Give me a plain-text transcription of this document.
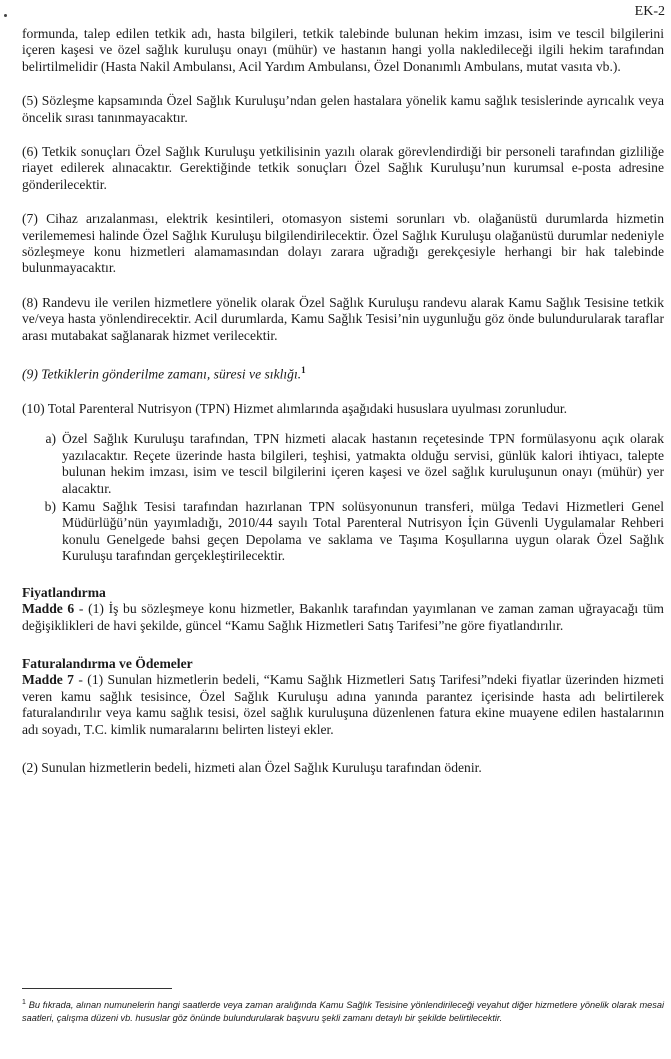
EK-2

formunda, talep edilen tetkik adı, hasta bilgileri, tetkik talebinde bulunan hekim imzası, isim ve tescil bilgilerini içeren kaşesi ve özel sağlık kuruluşu onayı (mühür) ve hastanın hangi yolla nakledileceği ilgili hekim tarafından belirtilmelidir (Hasta Nakil Ambulansı, Acil Yardım Ambulansı, Özel Donanımlı Ambulans, mutat vasıta vb.).

(5) Sözleşme kapsamında Özel Sağlık Kuruluşu’ndan gelen hastalara yönelik kamu sağlık tesislerinde ayrıcalık veya öncelik sırası tanınmayacaktır.

(6) Tetkik sonuçları Özel Sağlık Kuruluşu yetkilisinin yazılı olarak görevlendirdiği bir personeli tarafından gizliliğe riayet edilerek alınacaktır. Gerektiğinde tetkik sonuçları Özel Sağlık Kuruluşu’nun kurumsal e-posta adresine gönderilecektir.

(7) Cihaz arızalanması, elektrik kesintileri, otomasyon sistemi sorunları vb. olağanüstü durumlarda hizmetin verilememesi halinde Özel Sağlık Kuruluşu bilgilendirilecektir. Özel Sağlık Kuruluşu olağanüstü durumlar nedeniyle sözleşmeye konu hizmetleri alamamasından dolayı zarara uğradığı gerekçesiyle herhangi bir hak talebinde bulunmayacaktır.

(8) Randevu ile verilen hizmetlere yönelik olarak Özel Sağlık Kuruluşu randevu alarak Kamu Sağlık Tesisine tetkik ve/veya hasta yönlendirecektir. Acil durumlarda, Kamu Sağlık Tesisi’nin uygunluğu göz önde bulundurularak taraflar arası mutabakat sağlanarak hizmet verilecektir.

(9) Tetkiklerin gönderilme zamanı, süresi ve sıklığı.$^1$

(10) Total Parenteral Nutrisyon (TPN) Hizmet alımlarında aşağıdaki hususlara uyulması zorunludur.

a) Özel Sağlık Kuruluşu tarafından, TPN hizmeti alacak hastanın reçetesinde TPN formülasyonu açık olarak yazılacaktır. Reçete üzerinde hasta bilgileri, teşhisi, yatmakta olduğu servisi, günlük kalori ihtiyacı, talepte bulunan hekim imzası, isim ve tescil bilgilerini içeren kaşesi ve özel sağlık kuruluşunun onayı (mühür) yer alacaktır.
b) Kamu Sağlık Tesisi tarafından hazırlanan TPN solüsyonunun transferi, mülga Tedavi Hizmetleri Genel Müdürlüğü’nün yayımladığı, 2010/44 sayılı Total Parenteral Nutrisyon İçin Güvenli Uygulamalar Rehberi konulu Genelgede bahsi geçen Depolama ve saklama ve Taşıma Koşullarına uygun olarak Özel Sağlık Kuruluşu tarafından gerçekleştirilecektir.

Fiyatlandırma

Madde 6 - (1) İş bu sözleşmeye konu hizmetler, Bakanlık tarafından yayımlanan ve zaman zaman uğrayacağı tüm değişiklikleri de havi şekilde, güncel “Kamu Sağlık Hizmetleri Satış Tarifesi”ne göre fiyatlandırılır.

Faturalandırma ve Ödemeler

Madde 7 - (1) Sunulan hizmetlerin bedeli, “Kamu Sağlık Hizmetleri Satış Tarifesi”ndeki fiyatlar üzerinden hizmeti veren kamu sağlık tesisince, Özel Sağlık Kuruluşu adına yanında parantez içerisinde hasta adı belirtilerek faturalandırılır veya kamu sağlık tesisi, özel sağlık kuruluşuna düzenlenen fatura ekine muayene edilen hastalarının adı soyadı, T.C. kimlik numaralarını belirten listeyi ekler.

(2) Sunulan hizmetlerin bedeli, hizmeti alan Özel Sağlık Kuruluşu tarafından ödenir.

$^1$ Bu fıkrada, alınan numunelerin hangi saatlerde veya zaman aralığında Kamu Sağlık Tesisine yönlendirileceği veyahut diğer hizmetlere yönelik olarak mesai saatleri, çalışma düzeni vb. hususlar göz önünde bulundurularak başvuru şekli zamanı detaylı bir şekilde belirtilecektir.
